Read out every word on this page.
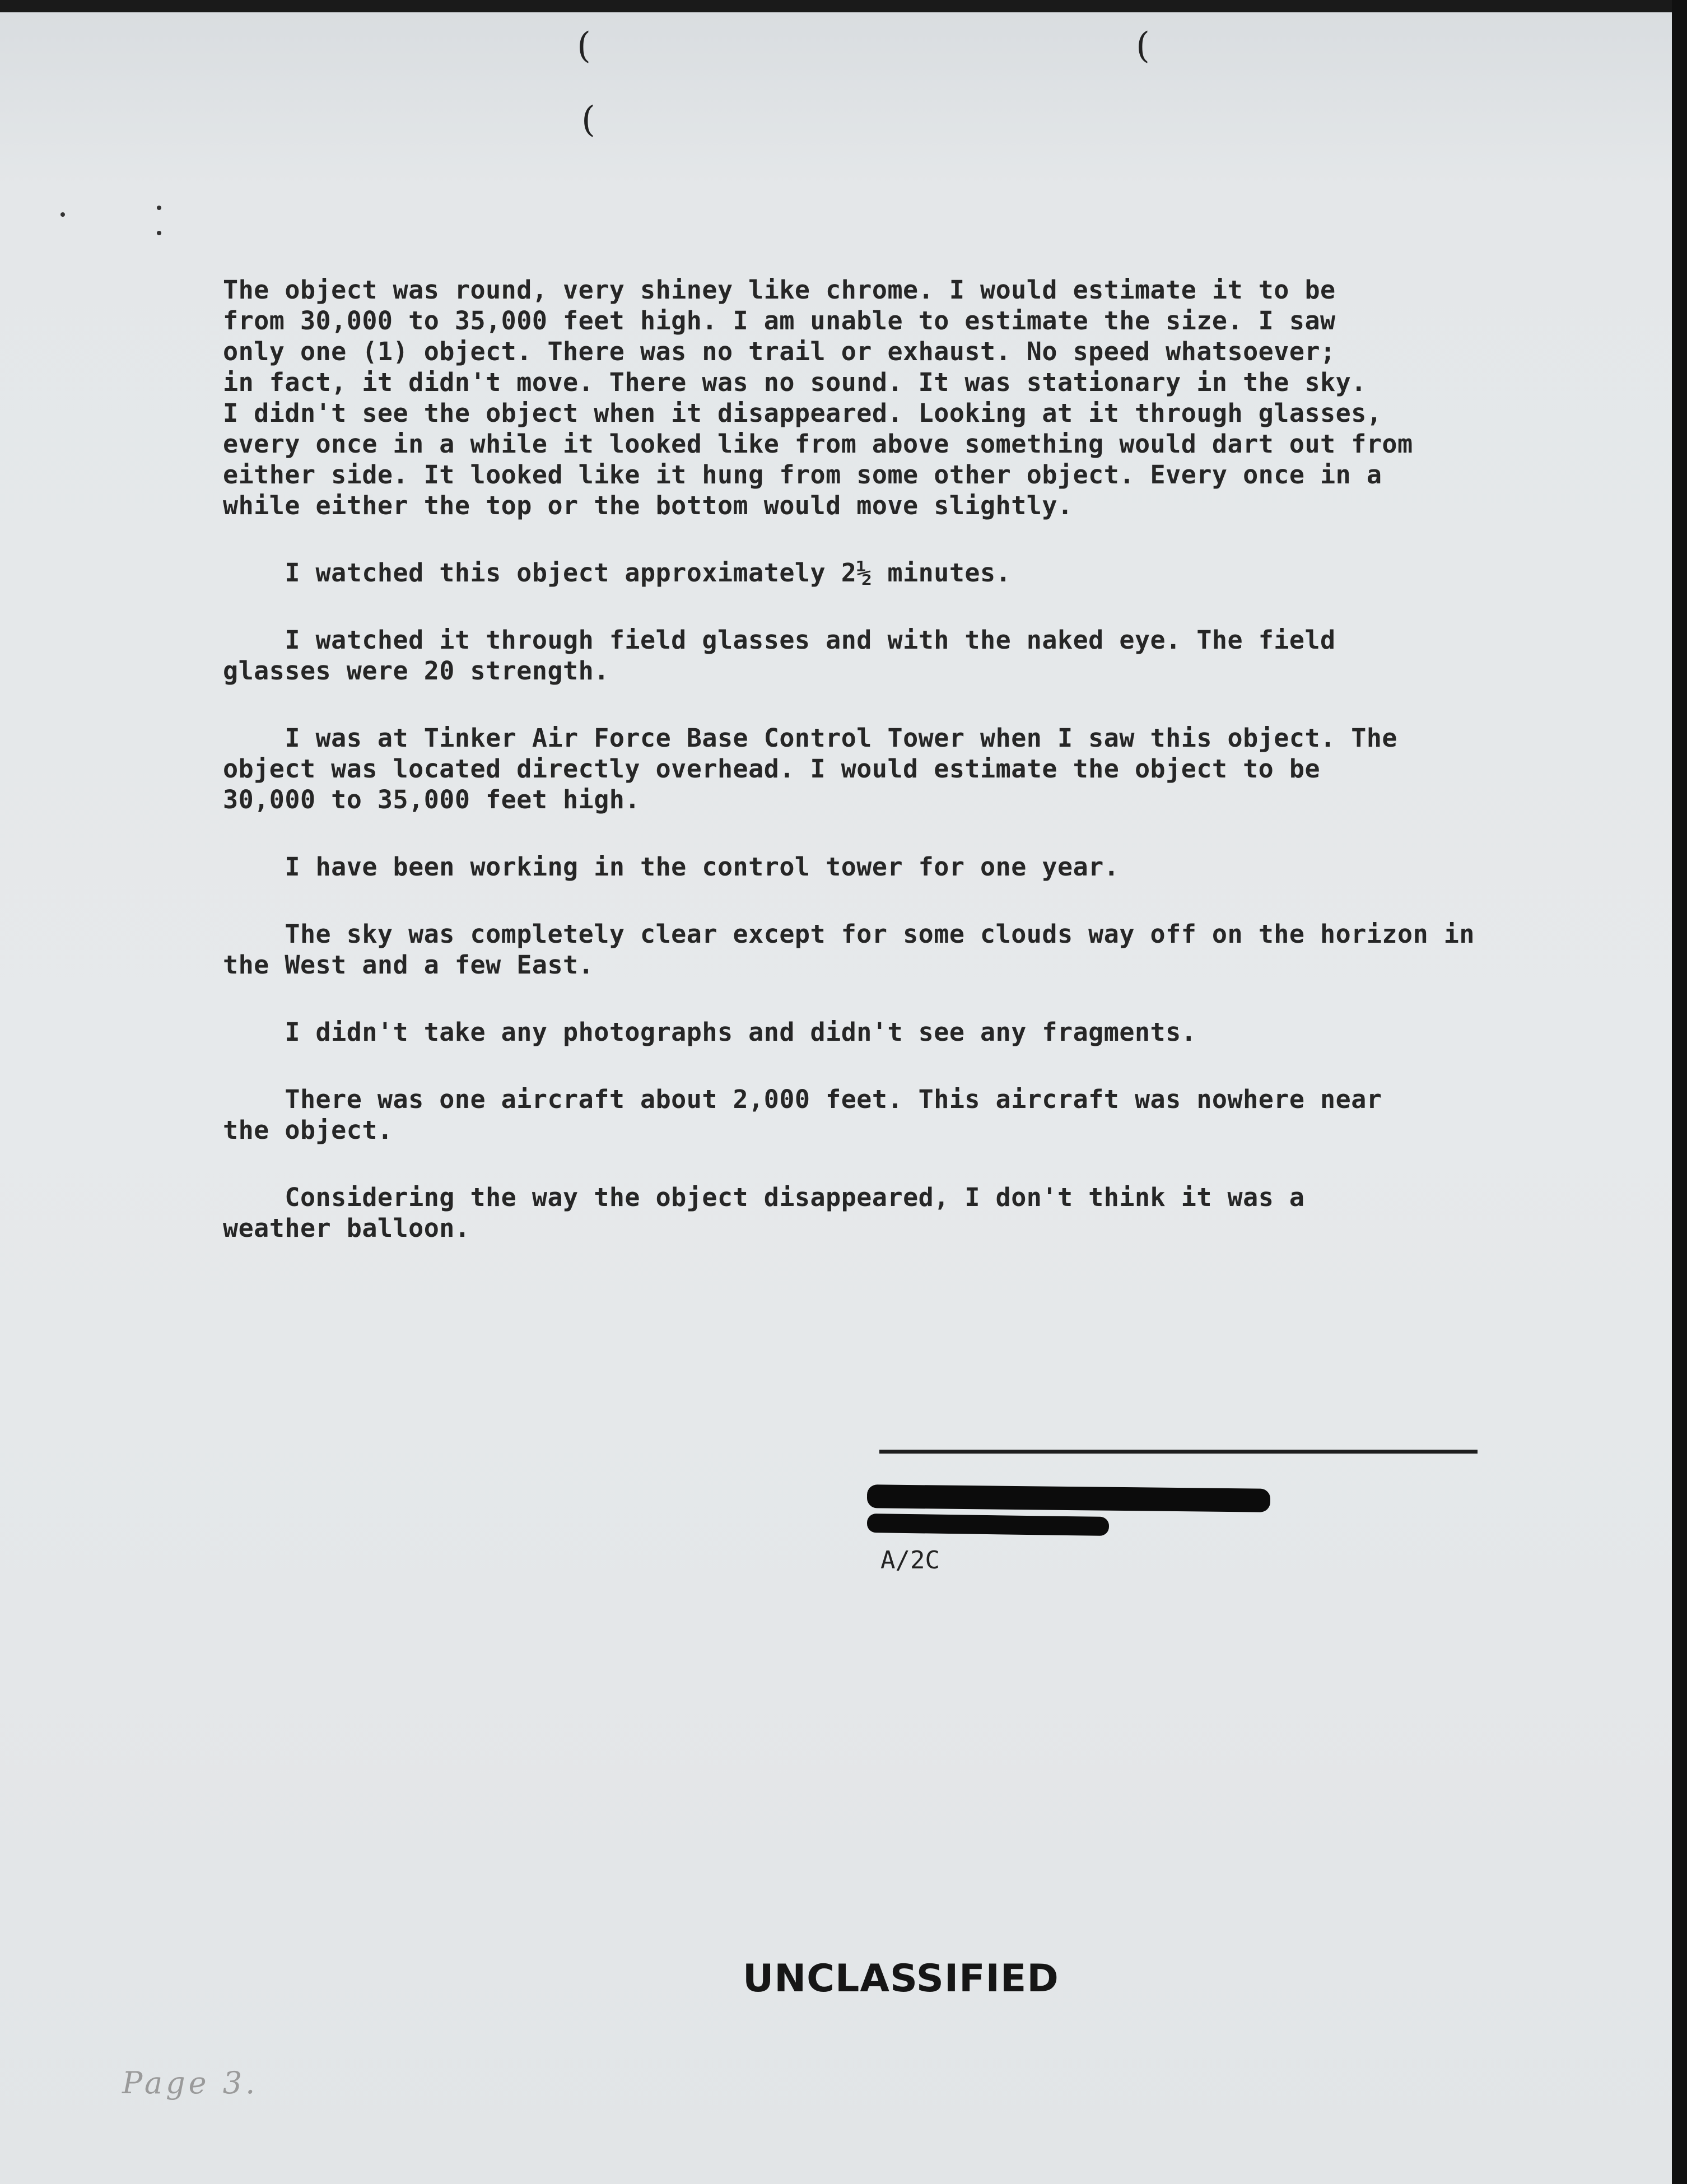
(	(
(

The object was round, very shiney like chrome. I would estimate it to be
from 30,000 to 35,000 feet high. I am unable to estimate the size. I saw
only one (1) object. There was no trail or exhaust. No speed whatsoever;
in fact, it didn't move. There was no sound. It was stationary in the sky.
I didn't see the object when it disappeared. Looking at it through glasses,
every once in a while it looked like from above something would dart out from
either side. It looked like it hung from some other object. Every once in a
while either the top or the bottom would move slightly.

I watched this object approximately 2½ minutes.

I watched it through field glasses and with the naked eye. The field
glasses were 20 strength.

I was at Tinker Air Force Base Control Tower when I saw this object. The
object was located directly overhead. I would estimate the object to be
30,000 to 35,000 feet high.

I have been working in the control tower for one year.

The sky was completely clear except for some clouds way off on the horizon in
the West and a few East.

I didn't take any photographs and didn't see any fragments.

There was one aircraft about 2,000 feet. This aircraft was nowhere near
the object.

Considering the way the object disappeared, I don't think it was a
weather balloon.

A/2C
UNCLASSIFIED
Page 3.
